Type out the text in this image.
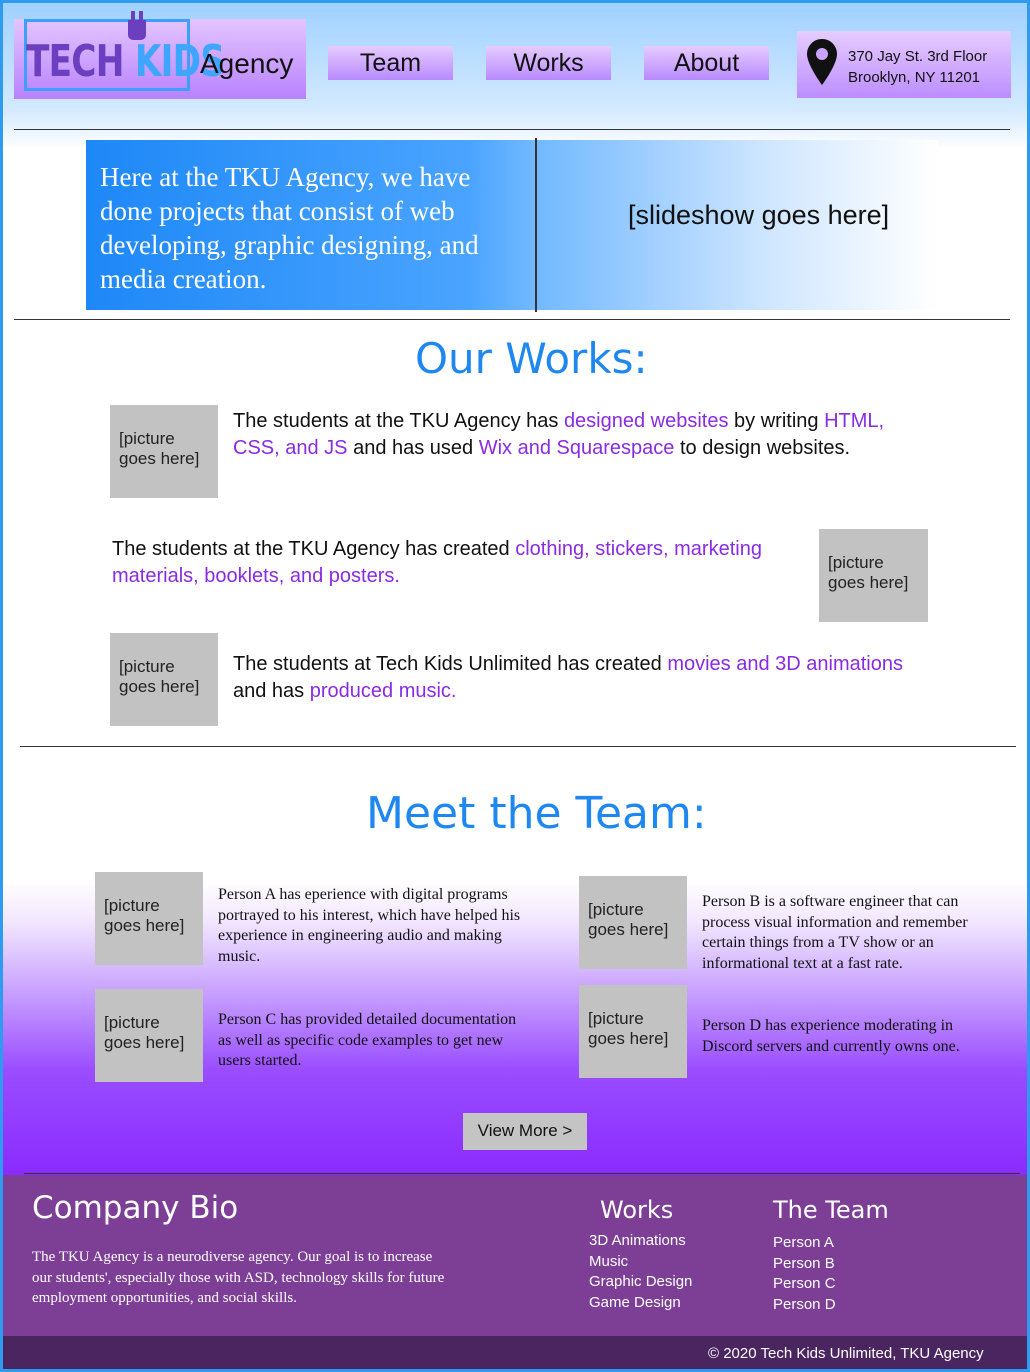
TECH KIDS
Agency	Team	Works	About	370 Jay St. 3rd Floor
Brooklyn, NY 11201
Here at the TKU Agency, we have done projects that consist of web developing, graphic designing, and media creation.
[slideshow goes here]
Our Works:
[picture goes here]
The students at the TKU Agency has designed websites by writing HTML, CSS, and JS and has used Wix and Squarespace to design websites.
The students at the TKU Agency has created clothing, stickers, marketing materials, booklets, and posters.
[picture goes here]
[picture goes here]
The students at Tech Kids Unlimited has created movies and 3D animations
and has produced music.
Meet the Team:
[picture goes here]
Person A has eperience with digital programs portrayed to his interest, which have helped his experience in engineering audio and making music.
[picture goes here]
Person B is a software engineer that can process visual information and remember certain things from a TV show or an informational text at a fast rate.
[picture goes here]
Person C has provided detailed documentation as well as specific code examples to get new users started.
[picture goes here]
Person D has experience moderating in Discord servers and currently owns one.
View More >
Company Bio
The TKU Agency is a neurodiverse agency. Our goal is to increase our students', especially those with ASD, technology skills for future employment opportunities, and social skills.
Works
3D Animations
Music
Graphic Design
Game Design
The Team
Person A
Person B
Person C
Person D
© 2020 Tech Kids Unlimited, TKU Agency
